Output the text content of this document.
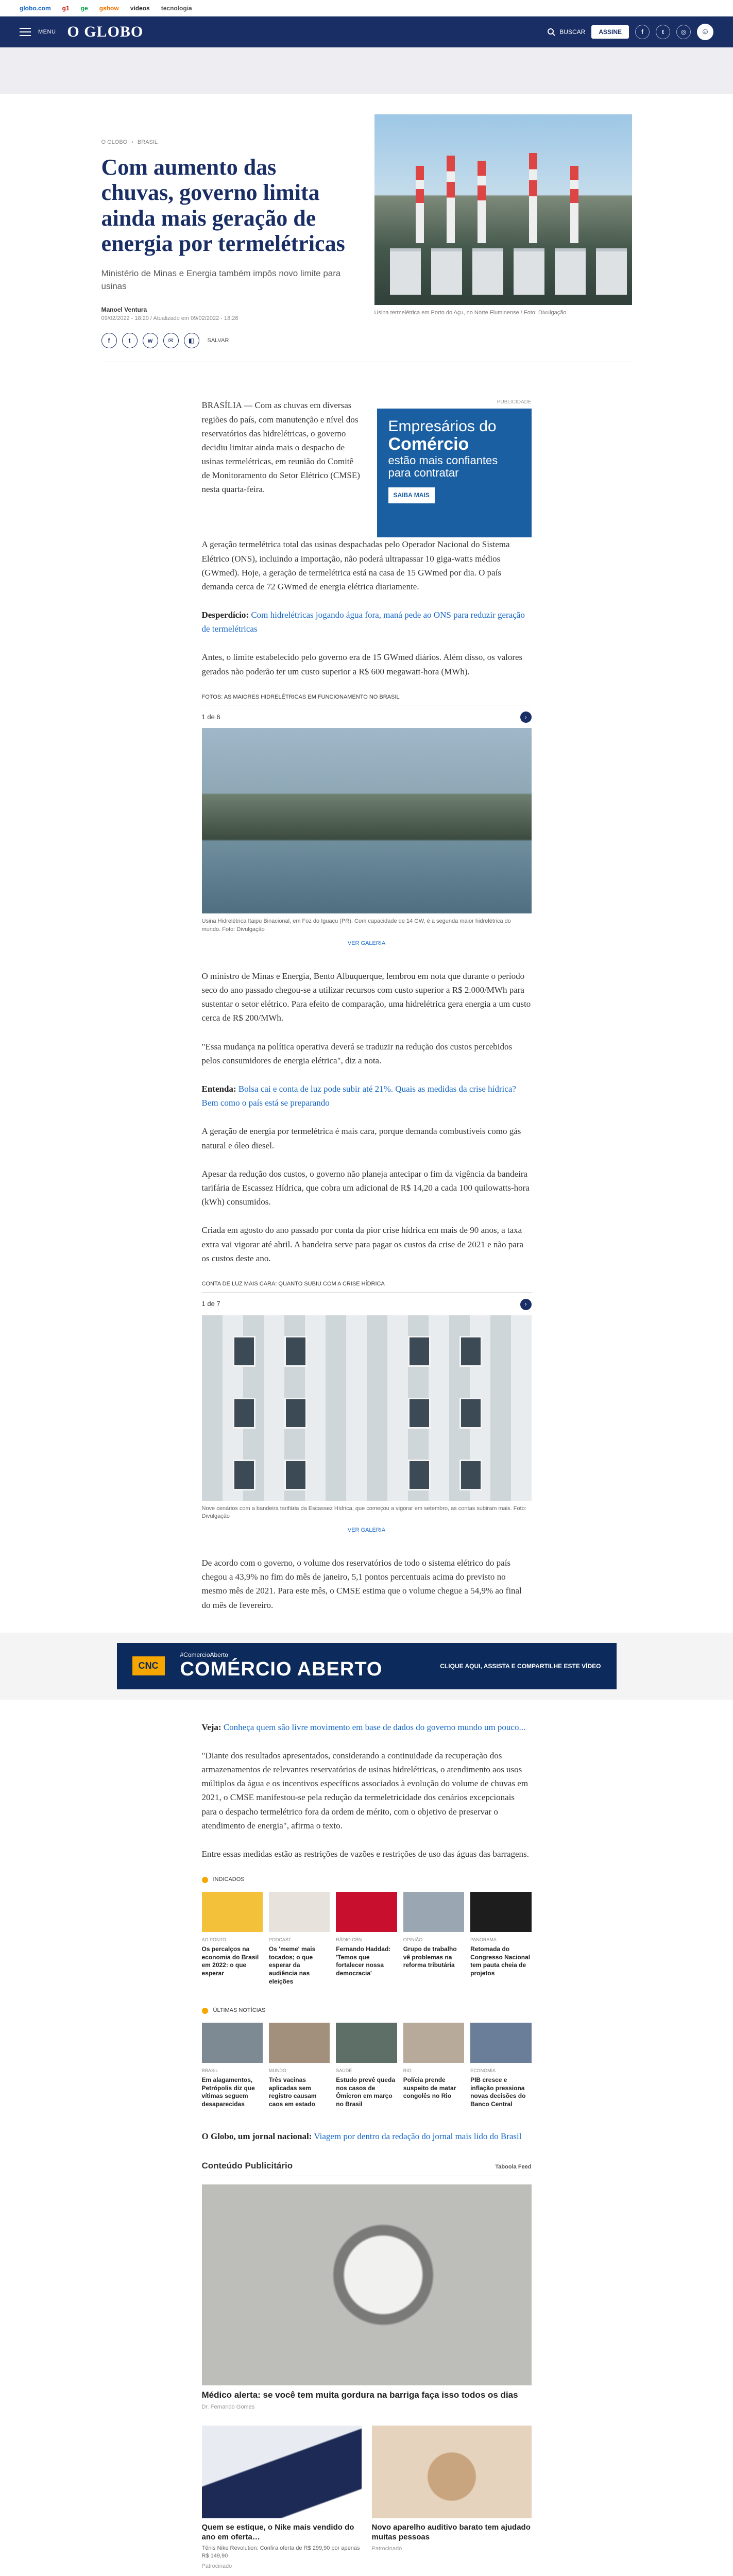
globo.com g1 ge gshow vídeos tecnologia
MENU O GLOBO	BUSCAR	ASSINE	f	t	◎	☺
O GLOBO › BRASIL
Com aumento das chuvas, governo limita ainda mais geração de energia por termelétricas
Ministério de Minas e Energia também impôs novo limite para usinas
Manoel Ventura
09/02/2022 - 18:20 / Atualizado em 09/02/2022 - 18:26
Usina termelétrica em Porto do Açu, no Norte Fluminense / Foto: Divulgação
f	t	w	✉	◧	SALVAR

BRASÍLIA — Com as chuvas em diversas regiões do país, com manutenção e nível dos reservatórios das hidrelétricas, o governo decidiu limitar ainda mais o despacho de usinas termelétricas, em reunião do Comitê de Monitoramento do Setor Elétrico (CMSE) nesta quarta-feira.

PUBLICIDADE
Empresários do
Comércio
estão mais confiantes para contratar
SAIBA MAIS

A geração termelétrica total das usinas despachadas pelo Operador Nacional do Sistema Elétrico (ONS), incluindo a importação, não poderá ultrapassar 10 giga-watts médios (GWmed). Hoje, a geração de termelétrica está na casa de 15 GWmed por dia. O país demanda cerca de 72 GWmed de energia elétrica diariamente.

Desperdício: Com hidrelétricas jogando água fora, maná pede ao ONS para reduzir geração de termelétricas

Antes, o limite estabelecido pelo governo era de 15 GWmed diários. Além disso, os valores gerados não poderão ter um custo superior a R$ 600 megawatt-hora (MWh).

FOTOS: AS MAIORES HIDRELÉTRICAS EM FUNCIONAMENTO NO BRASIL
1 de 6	›
Usina Hidrelétrica Itaipu Binacional, em Foz do Iguaçu (PR). Com capacidade de 14 GW, é a segunda maior hidrelétrica do mundo. Foto: Divulgação
VER GALERIA

O ministro de Minas e Energia, Bento Albuquerque, lembrou em nota que durante o período seco do ano passado chegou-se a utilizar recursos com custo superior a R$ 2.000/MWh para sustentar o setor elétrico. Para efeito de comparação, uma hidrelétrica gera energia a um custo cerca de R$ 200/MWh.

"Essa mudança na política operativa deverá se traduzir na redução dos custos percebidos pelos consumidores de energia elétrica", diz a nota.

Entenda: Bolsa cai e conta de luz pode subir até 21%. Quais as medidas da crise hídrica? Bem como o país está se preparando

A geração de energia por termelétrica é mais cara, porque demanda combustíveis como gás natural e óleo diesel.

Apesar da redução dos custos, o governo não planeja antecipar o fim da vigência da bandeira tarifária de Escassez Hídrica, que cobra um adicional de R$ 14,20 a cada 100 quilowatts-hora (kWh) consumidos.

Criada em agosto do ano passado por conta da pior crise hídrica em mais de 90 anos, a taxa extra vai vigorar até abril. A bandeira serve para pagar os custos da crise de 2021 e não para os custos deste ano.

CONTA DE LUZ MAIS CARA: QUANTO SUBIU COM A CRISE HÍDRICA
1 de 7	›
Nove cenários com a bandeira tarifária da Escassez Hídrica, que começou a vigorar em setembro, as contas subiram mais. Foto: Divulgação
VER GALERIA

De acordo com o governo, o volume dos reservatórios de todo o sistema elétrico do país chegou a 43,9% no fim do mês de janeiro, 5,1 pontos percentuais acima do previsto no mesmo mês de 2021. Para este mês, o CMSE estima que o volume chegue a 54,9% ao final do mês de fevereiro.

CNC
#ComercioAberto
COMÉRCIO ABERTO	CLIQUE AQUI, ASSISTA E COMPARTILHE ESTE VÍDEO

Veja: Conheça quem são livre movimento em base de dados do governo mundo um pouco...

"Diante dos resultados apresentados, considerando a continuidade da recuperação dos armazenamentos de relevantes reservatórios de usinas hidrelétricas, o atendimento aos usos múltiplos da água e os incentivos específicos associados à evolução do volume de chuvas em 2021, o CMSE manifestou-se pela redução da termeletricidade dos cenários excepcionais para o despacho termelétrico fora da ordem de mérito, com o objetivo de preservar o atendimento de energia", afirma o texto.

Entre essas medidas estão as restrições de vazões e restrições de uso das águas das barragens.

INDICADOS
AO PONTO
Os percalços na economia do Brasil em 2022: o que esperar
PODCAST
Os 'meme' mais tocados; o que esperar da audiência nas eleições
RÁDIO CBN
Fernando Haddad: 'Temos que fortalecer nossa democracia'
OPINIÃO
Grupo de trabalho vê problemas na reforma tributária
PANORAMA
Retomada do Congresso Nacional tem pauta cheia de projetos
ÚLTIMAS NOTÍCIAS
BRASIL
Em alagamentos, Petrópolis diz que vítimas seguem desaparecidas
MUNDO
Três vacinas aplicadas sem registro causam caos em estado
SAÚDE
Estudo prevê queda nos casos de Ômicron em março no Brasil
RIO
Polícia prende suspeito de matar congolês no Rio
ECONOMIA
PIB cresce e inflação pressiona novas decisões do Banco Central

O Globo, um jornal nacional: Viagem por dentro da redação do jornal mais lido do Brasil

Conteúdo Publicitário	Taboola Feed
Médico alerta: se você tem muita gordura na barriga faça isso todos os dias
Dr. Fernando Gomes
Quem se estique, o Nike mais vendido do ano em oferta…
Tênis Nike Revolution: Confira oferta de R$ 299,90 por apenas R$ 149,90
Patrocinado
Novo aparelho auditivo barato tem ajudado muitas pessoas
Patrocinado
